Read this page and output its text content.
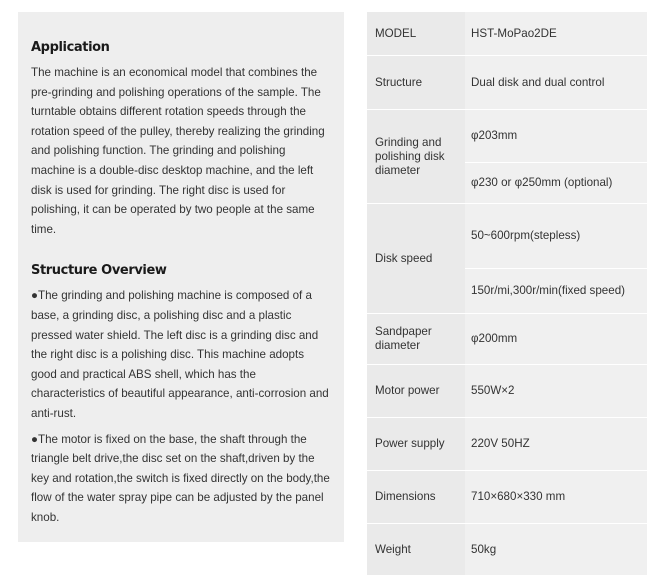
Application

The machine is an economical model that combines the pre-grinding and polishing operations of the sample. The turntable obtains different rotation speeds through the rotation speed of the pulley, thereby realizing the grinding and polishing function. The grinding and polishing machine is a double-disc desktop machine, and the left disk is used for grinding. The right disc is used for polishing, it can be operated by two people at the same time.

Structure Overview

●The grinding and polishing machine is composed of a base, a grinding disc, a polishing disc and a plastic pressed water shield. The left disc is a grinding disc and the right disc is a polishing disc. This machine adopts good and practical ABS shell, which has the characteristics of beautiful appearance, anti-corrosion and anti-rust.

●The motor is fixed on the base, the shaft through the triangle belt drive,the disc set on the shaft,driven by the key and rotation,the switch is fixed directly on the body,the flow of the water spray pipe can be adjusted by the panel knob.

MODEL	HST-MoPao2DE
Structure	Dual disk and dual control
Grinding and polishing disk diameter	φ203mm
	φ230 or φ250mm (optional)
Disk speed	50~600rpm(stepless)
	150r/mi,300r/min(fixed speed)
Sandpaper diameter	φ200mm
Motor power	550W×2
Power supply	220V 50HZ
Dimensions	710×680×330 mm
Weight	50kg
